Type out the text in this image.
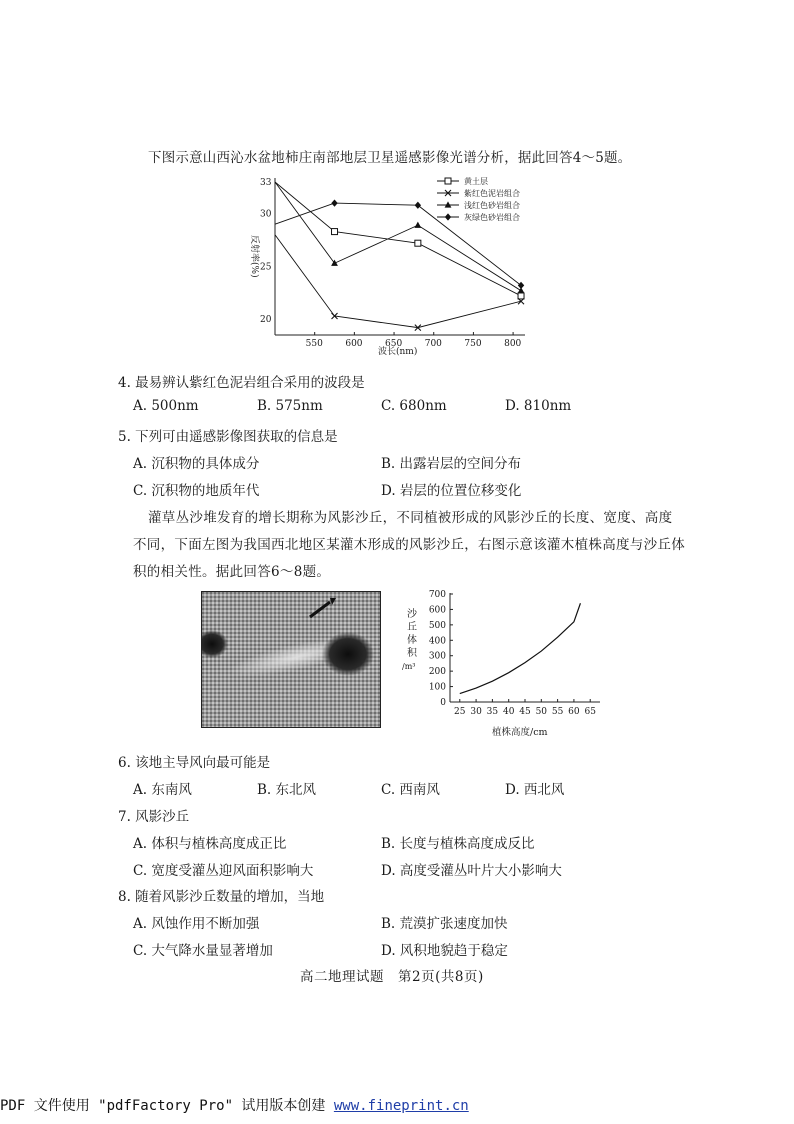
下图示意山西沁水盆地柿庄南部地层卫星遥感影像光谱分析，据此回答4～5题。
反射率(%)
33
30
25
20
550 600 650 700 750 800
波长(nm)
黄土层
紫红色泥岩组合
浅红色砂岩组合
灰绿色砂岩组合
4. 最易辨认紫红色泥岩组合采用的波段是
A. 500nm	B. 575nm	C. 680nm	D. 810nm
5. 下列可由遥感影像图获取的信息是
A. 沉积物的具体成分	B. 出露岩层的空间分布
C. 沉积物的地质年代	D. 岩层的位置位移变化
灌草丛沙堆发育的增长期称为风影沙丘，不同植被形成的风影沙丘的长度、宽度、高度
不同，下面左图为我国西北地区某灌木形成的风影沙丘，右图示意该灌木植株高度与沙丘体
积的相关性。据此回答6～8题。
沙
丘
体
积
/m³
700
600
500
400
300
200
100
0
25 30 35 40 45 50 55 60 65
植株高度/cm
6. 该地主导风向最可能是
A. 东南风	B. 东北风	C. 西南风	D. 西北风
7. 风影沙丘
A. 体积与植株高度成正比	B. 长度与植株高度成反比
C. 宽度受灌丛迎风面积影响大	D. 高度受灌丛叶片大小影响大
8. 随着风影沙丘数量的增加，当地
A. 风蚀作用不断加强	B. 荒漠扩张速度加快
C. 大气降水量显著增加	D. 风积地貌趋于稳定
高二地理试题　第2页(共8页)
PDF 文件使用 "pdfFactory Pro" 试用版本创建 www.fineprint.cn
